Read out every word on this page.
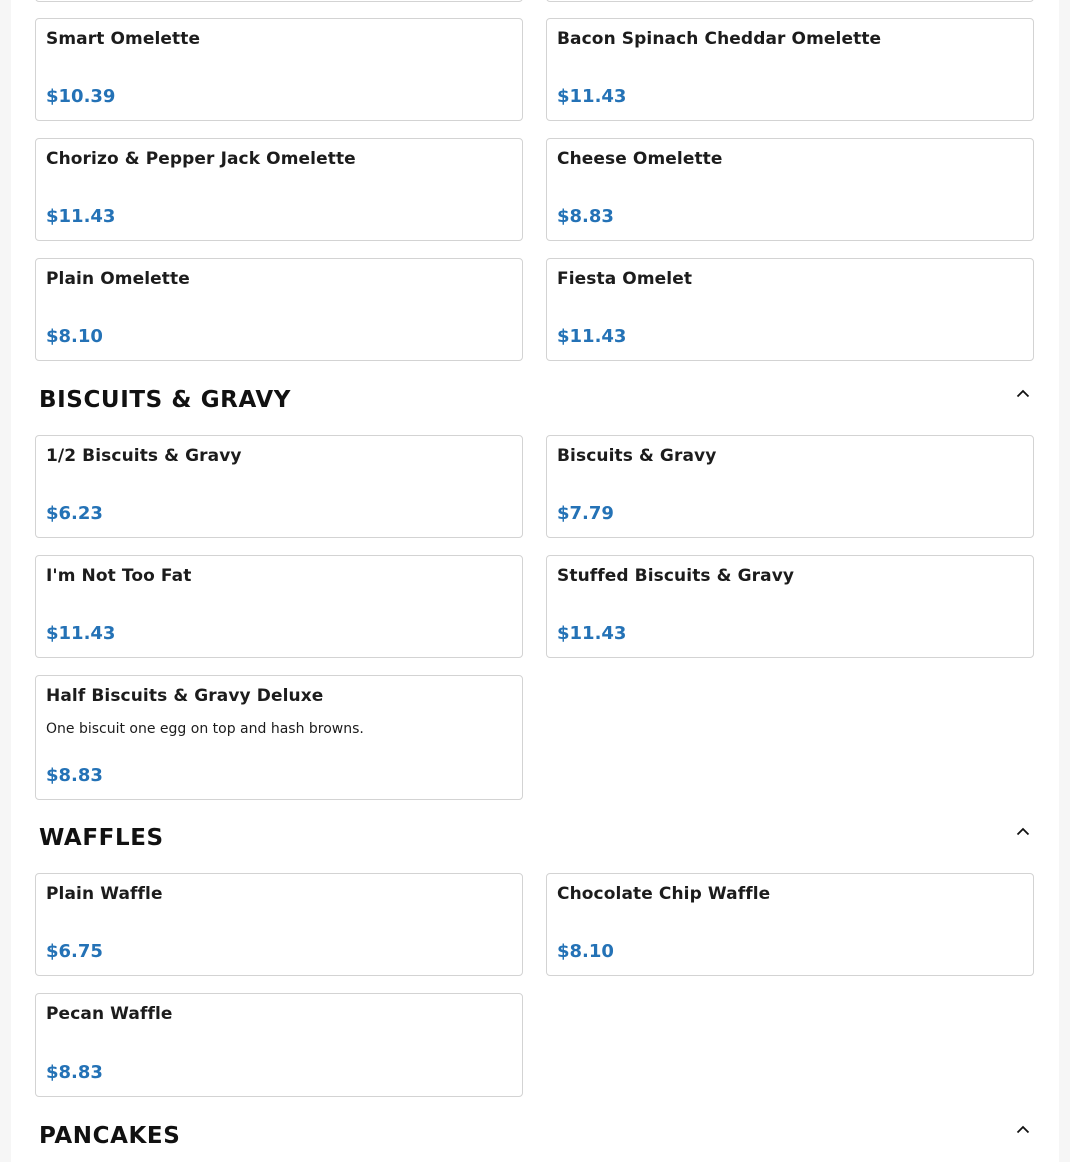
Smart Omelette
$10.39
Bacon Spinach Cheddar Omelette
$11.43
Chorizo & Pepper Jack Omelette
$11.43
Cheese Omelette
$8.83
Plain Omelette
$8.10
Fiesta Omelet
$11.43
BISCUITS & GRAVY
1/2 Biscuits & Gravy
$6.23
Biscuits & Gravy
$7.79
I'm Not Too Fat
$11.43
Stuffed Biscuits & Gravy
$11.43
Half Biscuits & Gravy Deluxe
One biscuit one egg on top and hash browns.
$8.83
WAFFLES
Plain Waffle
$6.75
Chocolate Chip Waffle
$8.10
Pecan Waffle
$8.83
PANCAKES
